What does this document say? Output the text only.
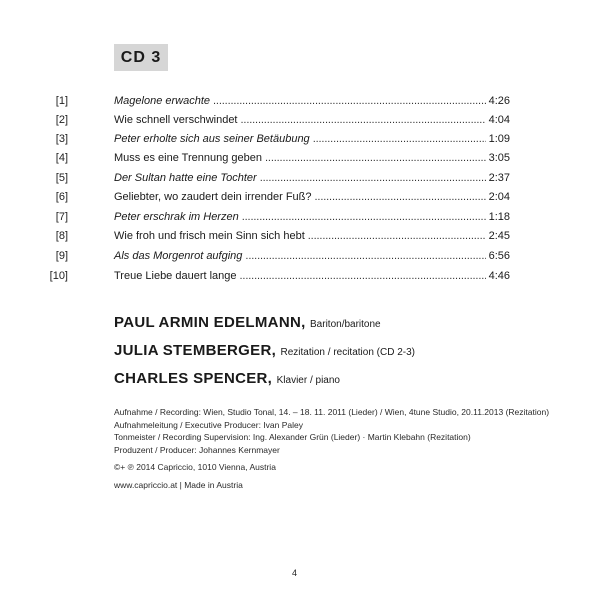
CD 3
[1]	Magelone erwachte . . .	4:26
[2]	Wie schnell verschwindet . . .	4:04
[3]	Peter erholte sich aus seiner Betäubung . . .	1:09
[4]	Muss es eine Trennung geben . . .	3:05
[5]	Der Sultan hatte eine Tochter . . .	2:37
[6]	Geliebter, wo zaudert dein irrender Fuß? . . .	2:04
[7]	Peter erschrak im Herzen . . .	1:18
[8]	Wie froh und frisch mein Sinn sich hebt . . .	2:45
[9]	Als das Morgenrot aufging . . .	6:56
[10]	Treue Liebe dauert lange . . .	4:46
PAUL ARMIN EDELMANN, Bariton/baritone
JULIA STEMBERGER, Rezitation / recitation (CD 2-3)
CHARLES SPENCER, Klavier / piano
Aufnahme / Recording: Wien, Studio Tonal, 14. – 18. 11. 2011 (Lieder) / Wien, 4tune Studio, 20.11.2013 (Rezitation)
Aufnahmeleitung / Executive Producer: Ivan Paley
Tonmeister / Recording Supervision: Ing. Alexander Grün (Lieder) · Martin Klebahn (Rezitation)
Produzent / Producer: Johannes Kernmayer
©+ ℗ 2014 Capriccio, 1010 Vienna, Austria
www.capriccio.at | Made in Austria
4
